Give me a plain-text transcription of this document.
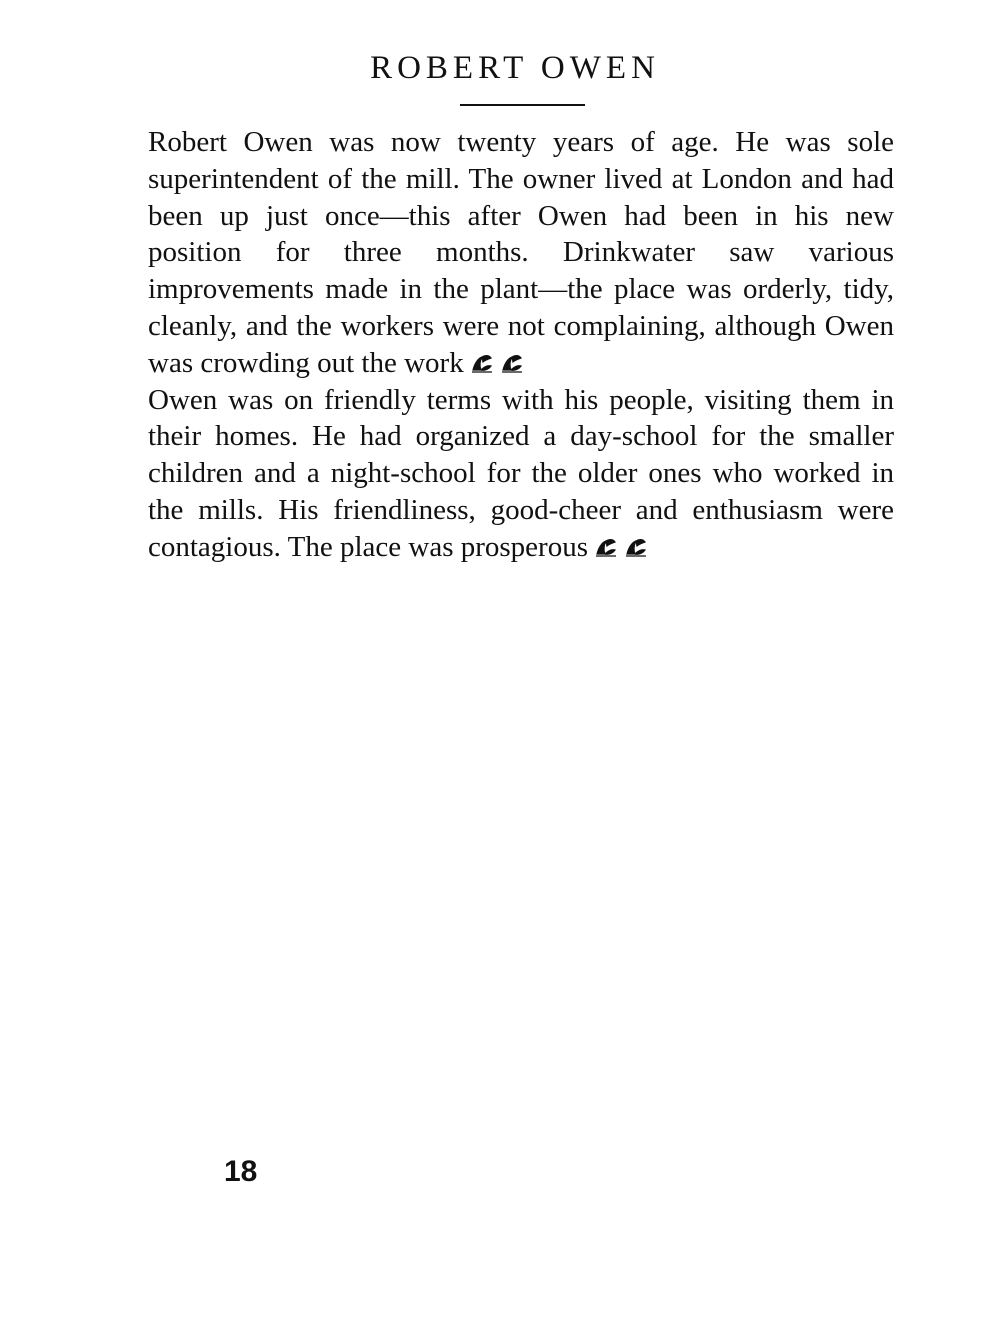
ROBERT OWEN

Robert Owen was now twenty years of age. He was sole superintendent of the mill. The owner lived at London and had been up just once—this after Owen had been in his new position for three months. Drinkwater saw various improvements made in the plant—the place was orderly, tidy, cleanly, and the workers were not complaining, although Owen was crowding out the work

Owen was on friendly terms with his people, visiting them in their homes. He had organized a day-school for the smaller children and a night-school for the older ones who worked in the mills. His friendliness, good-cheer and enthusiasm were contagious. The place was prosperous

18
